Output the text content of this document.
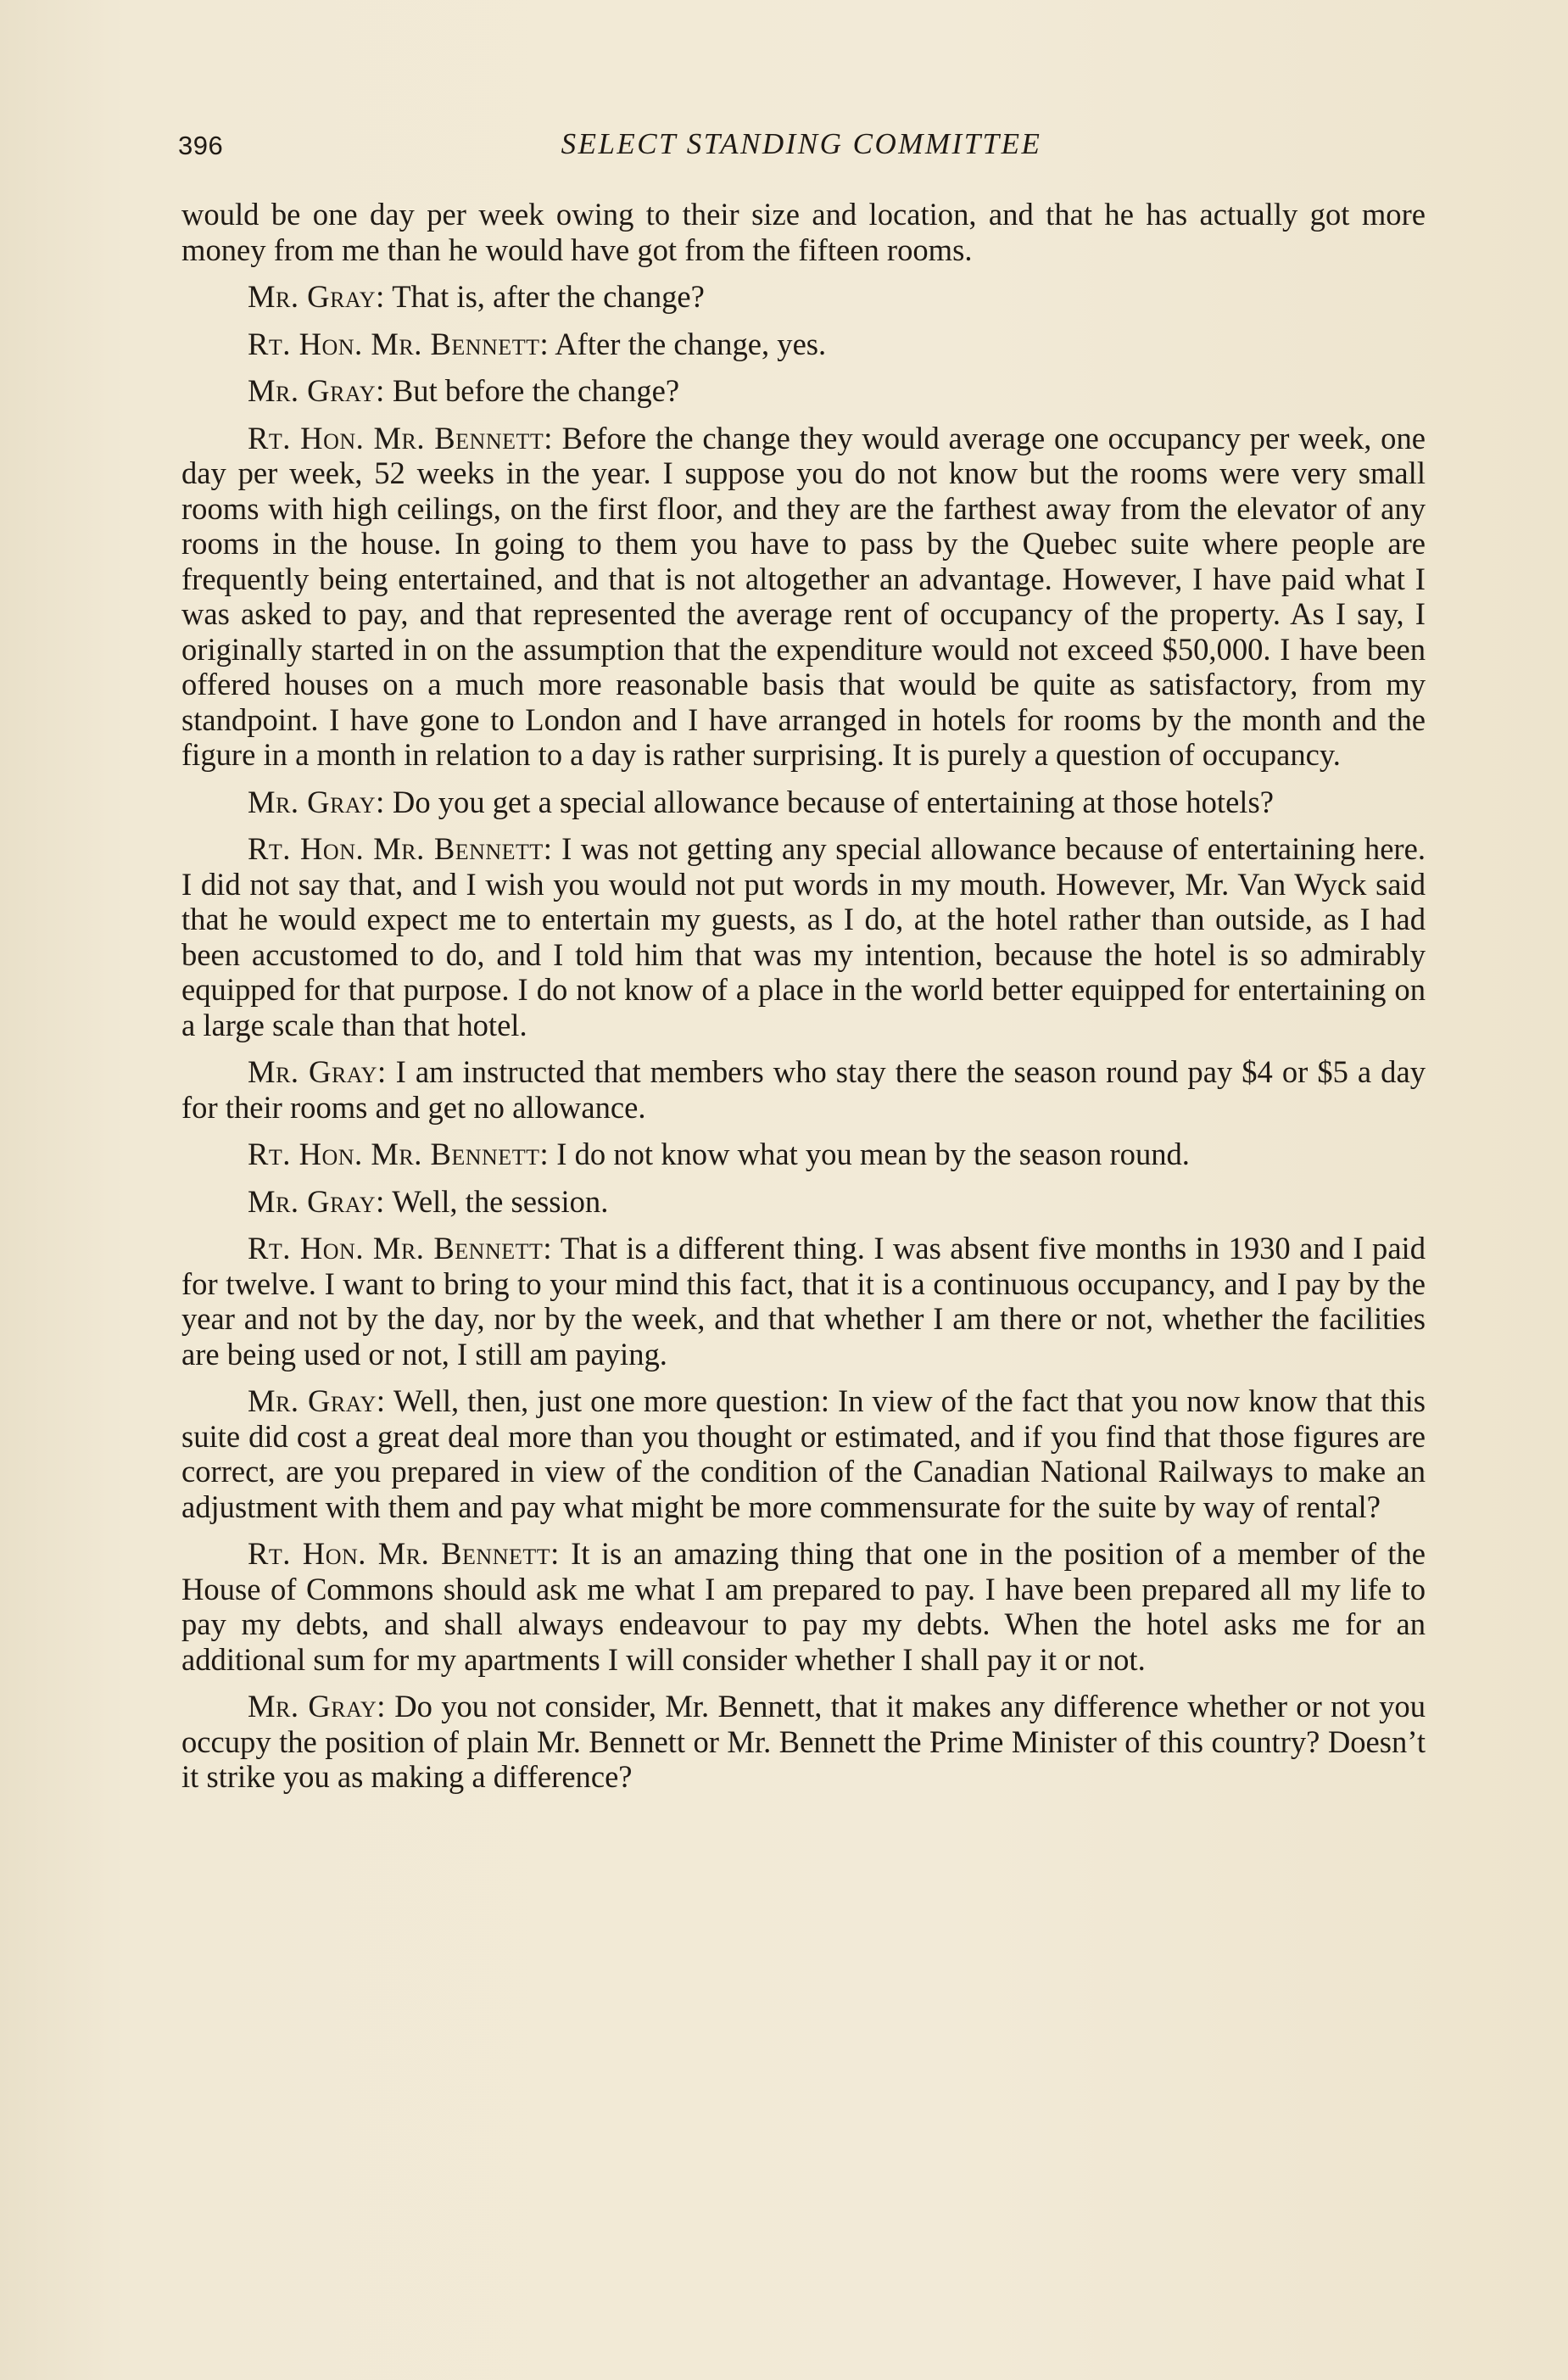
396	SELECT STANDING COMMITTEE

would be one day per week owing to their size and location, and that he has actually got more money from me than he would have got from the fifteen rooms.

Mr. Gray: That is, after the change?

Rt. Hon. Mr. Bennett: After the change, yes.

Mr. Gray: But before the change?

Rt. Hon. Mr. Bennett: Before the change they would average one occupancy per week, one day per week, 52 weeks in the year. I suppose you do not know but the rooms were very small rooms with high ceilings, on the first floor, and they are the farthest away from the elevator of any rooms in the house. In going to them you have to pass by the Quebec suite where people are frequently being entertained, and that is not altogether an advantage. However, I have paid what I was asked to pay, and that represented the average rent of occupancy of the property. As I say, I originally started in on the assumption that the expenditure would not exceed $50,000. I have been offered houses on a much more reasonable basis that would be quite as satisfactory, from my standpoint. I have gone to London and I have arranged in hotels for rooms by the month and the figure in a month in relation to a day is rather surprising. It is purely a question of occupancy.

Mr. Gray: Do you get a special allowance because of entertaining at those hotels?

Rt. Hon. Mr. Bennett: I was not getting any special allowance because of entertaining here. I did not say that, and I wish you would not put words in my mouth. However, Mr. Van Wyck said that he would expect me to entertain my guests, as I do, at the hotel rather than outside, as I had been accustomed to do, and I told him that was my intention, because the hotel is so admirably equipped for that purpose. I do not know of a place in the world better equipped for entertaining on a large scale than that hotel.

Mr. Gray: I am instructed that members who stay there the season round pay $4 or $5 a day for their rooms and get no allowance.

Rt. Hon. Mr. Bennett: I do not know what you mean by the season round.

Mr. Gray: Well, the session.

Rt. Hon. Mr. Bennett: That is a different thing. I was absent five months in 1930 and I paid for twelve. I want to bring to your mind this fact, that it is a continuous occupancy, and I pay by the year and not by the day, nor by the week, and that whether I am there or not, whether the facilities are being used or not, I still am paying.

Mr. Gray: Well, then, just one more question: In view of the fact that you now know that this suite did cost a great deal more than you thought or estimated, and if you find that those figures are correct, are you prepared in view of the condition of the Canadian National Railways to make an adjustment with them and pay what might be more commensurate for the suite by way of rental?

Rt. Hon. Mr. Bennett: It is an amazing thing that one in the position of a member of the House of Commons should ask me what I am prepared to pay. I have been prepared all my life to pay my debts, and shall always endeavour to pay my debts. When the hotel asks me for an additional sum for my apartments I will consider whether I shall pay it or not.

Mr. Gray: Do you not consider, Mr. Bennett, that it makes any difference whether or not you occupy the position of plain Mr. Bennett or Mr. Bennett the Prime Minister of this country? Doesn’t it strike you as making a difference?
